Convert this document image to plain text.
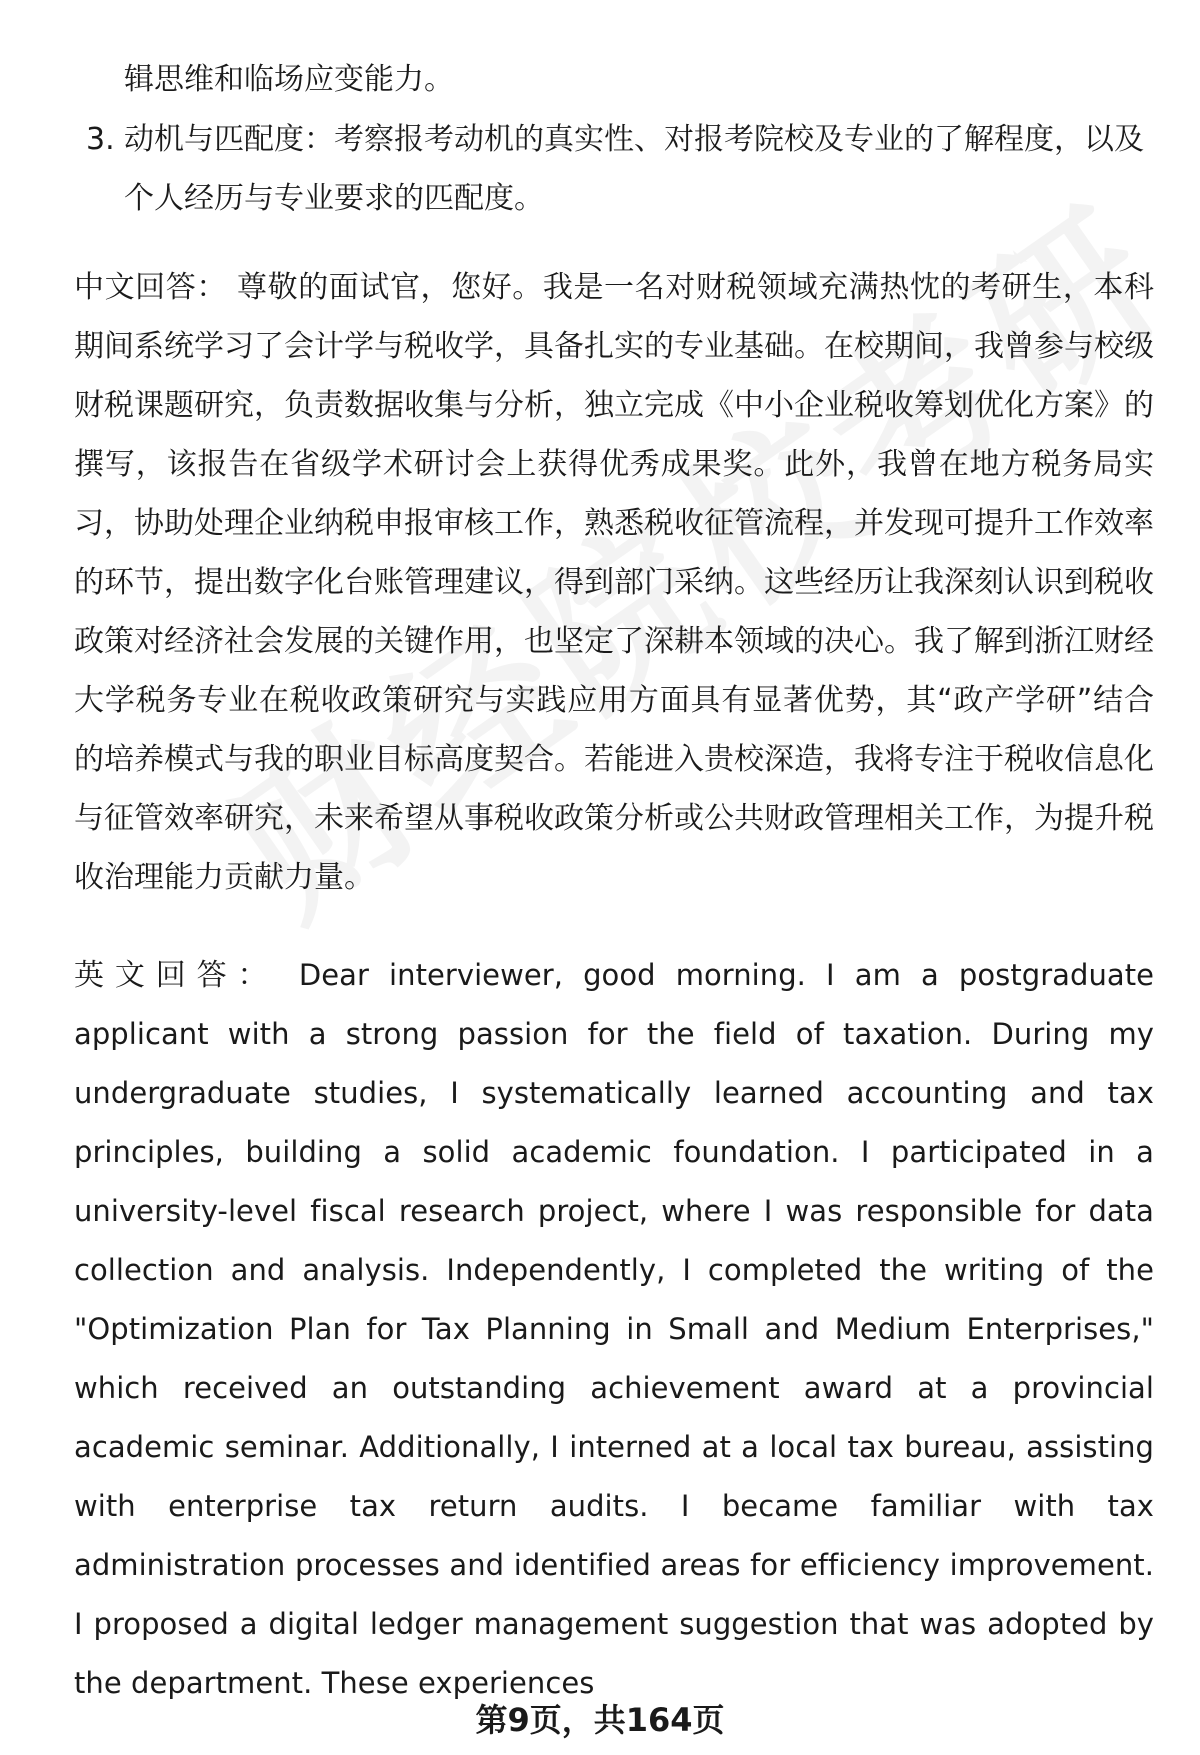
辑思维和临场应变能力。
3. 动机与匹配度：考察报考动机的真实性、对报考院校及专业的了解程度，以及个人经历与专业要求的匹配度。
中文回答： 尊敬的面试官，您好。我是一名对财税领域充满热忱的考研生，本科期间系统学习了会计学与税收学，具备扎实的专业基础。在校期间，我曾参与校级财税课题研究，负责数据收集与分析，独立完成《中小企业税收筹划优化方案》的撰写，该报告在省级学术研讨会上获得优秀成果奖。此外，我曾在地方税务局实习，协助处理企业纳税申报审核工作，熟悉税收征管流程，并发现可提升工作效率的环节，提出数字化台账管理建议，得到部门采纳。这些经历让我深刻认识到税收政策对经济社会发展的关键作用，也坚定了深耕本领域的决心。我了解到浙江财经大学税务专业在税收政策研究与实践应用方面具有显著优势，其“政产学研”结合的培养模式与我的职业目标高度契合。若能进入贵校深造，我将专注于税收信息化与征管效率研究，未来希望从事税收政策分析或公共财政管理相关工作，为提升税收治理能力贡献力量。
英文回答： Dear interviewer, good morning. I am a postgraduate applicant with a strong passion for the field of taxation. During my undergraduate studies, I systematically learned accounting and tax principles, building a solid academic foundation. I participated in a university-level fiscal research project, where I was responsible for data collection and analysis. Independently, I completed the writing of the "Optimization Plan for Tax Planning in Small and Medium Enterprises," which received an outstanding achievement award at a provincial academic seminar. Additionally, I interned at a local tax bureau, assisting with enterprise tax return audits. I became familiar with tax administration processes and identified areas for efficiency improvement. I proposed a digital ledger management suggestion that was adopted by the department. These experiences
第9页，共164页
